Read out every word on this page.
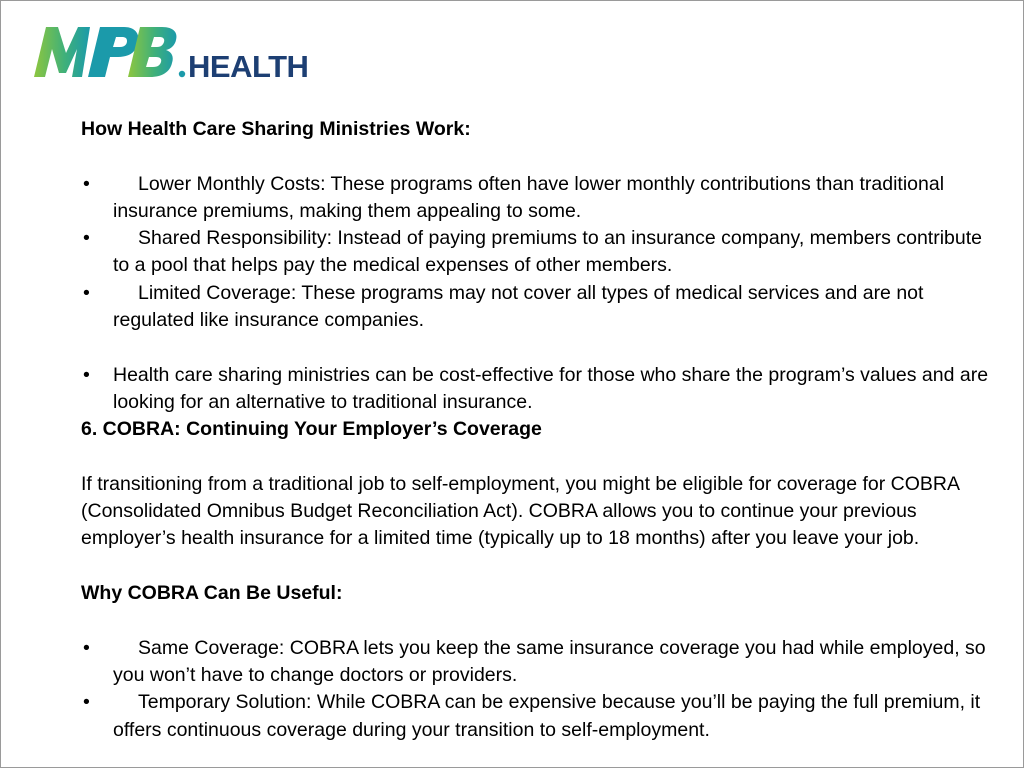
HEALTH

How Health Care Sharing Ministries Work:

• Lower Monthly Costs: These programs often have lower monthly contributions than traditional insurance premiums, making them appealing to some.

• Shared Responsibility: Instead of paying premiums to an insurance company, members contribute to a pool that helps pay the medical expenses of other members.

• Limited Coverage: These programs may not cover all types of medical services and are not regulated like insurance companies.

• Health care sharing ministries can be cost-effective for those who share the program’s values and are looking for an alternative to traditional insurance.

6. COBRA: Continuing Your Employer’s Coverage

If transitioning from a traditional job to self-employment, you might be eligible for coverage for COBRA (Consolidated Omnibus Budget Reconciliation Act). COBRA allows you to continue your previous employer’s health insurance for a limited time (typically up to 18 months) after you leave your job.

Why COBRA Can Be Useful:

• Same Coverage: COBRA lets you keep the same insurance coverage you had while employed, so you won’t have to change doctors or providers.

• Temporary Solution: While COBRA can be expensive because you’ll be paying the full premium, it offers continuous coverage during your transition to self-employment.
